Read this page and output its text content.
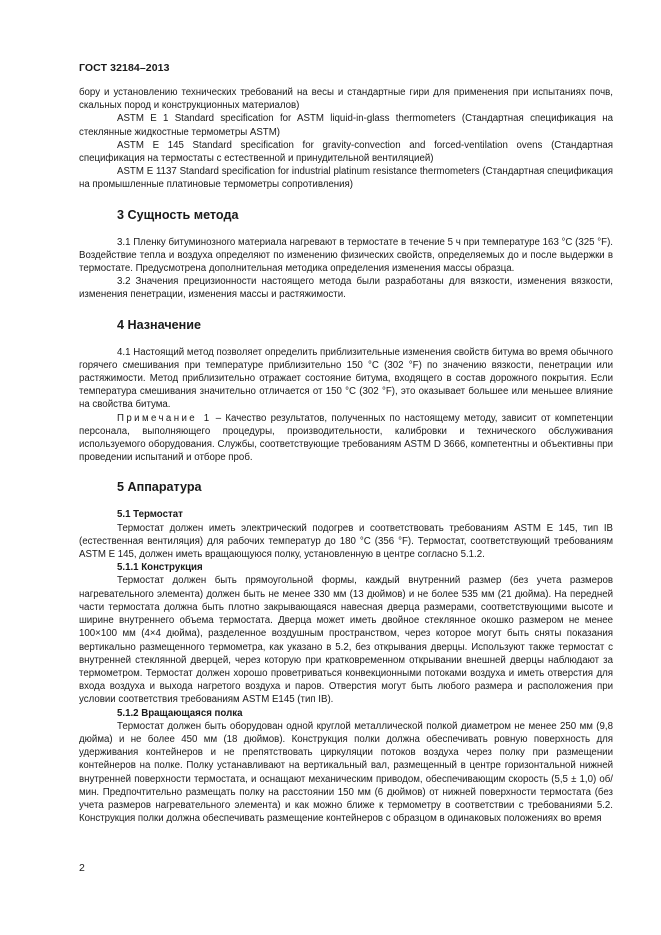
ГОСТ 32184–2013

бору и установлению технических требований на весы и стандартные гири для применения при испытаниях почв, скальных пород и конструкционных материалов)

ASTM E 1 Standard specification for ASTM liquid-in-glass thermometers (Стандартная спецификация на стеклянные жидкостные термометры ASTM)

ASTM E 145 Standard specification for gravity-convection and forced-ventilation ovens (Стандартная спецификация на термостаты с естественной и принудительной вентиляцией)

ASTM E 1137 Standard specification for industrial platinum resistance thermometers (Стандартная спецификация на промышленные платиновые термометры сопротивления)

3 Сущность метода

3.1 Пленку битуминозного материала нагревают в термостате в течение 5 ч при температуре 163 °C (325 °F). Воздействие тепла и воздуха определяют по изменению физических свойств, определяемых до и после выдержки в термостате. Предусмотрена дополнительная методика определения изменения массы образца.

3.2 Значения прецизионности настоящего метода были разработаны для вязкости, изменения вязкости, изменения пенетрации, изменения массы и растяжимости.

4 Назначение

4.1 Настоящий метод позволяет определить приблизительные изменения свойств битума во время обычного горячего смешивания при температуре приблизительно 150 °C (302 °F) по значению вязкости, пенетрации или растяжимости. Метод приблизительно отражает состояние битума, входящего в состав дорожного покрытия. Если температура смешивания значительно отличается от 150 °C (302 °F), это оказывает большее или меньшее влияние на свойства битума.

Примечание 1 – Качество результатов, полученных по настоящему методу, зависит от компетенции персонала, выполняющего процедуры, производительности, калибровки и технического обслуживания используемого оборудования. Службы, соответствующие требованиям ASTM D 3666, компетентны и объективны при проведении испытаний и отборе проб.

5 Аппаратура
5.1 Термостат

Термостат должен иметь электрический подогрев и соответствовать требованиям ASTM E 145, тип IB (естественная вентиляция) для рабочих температур до 180 °C (356 °F). Термостат, соответствующий требованиям ASTM E 145, должен иметь вращающуюся полку, установленную в центре согласно 5.1.2.

5.1.1 Конструкция

Термостат должен быть прямоугольной формы, каждый внутренний размер (без учета размеров нагревательного элемента) должен быть не менее 330 мм (13 дюймов) и не более 535 мм (21 дюйма). На передней части термостата должна быть плотно закрывающаяся навесная дверца размерами, соответствующими высоте и ширине внутреннего объема термостата. Дверца может иметь двойное стеклянное окошко размером не менее 100×100 мм (4×4 дюйма), разделенное воздушным пространством, через которое могут быть сняты показания вертикально размещенного термометра, как указано в 5.2, без открывания дверцы. Используют также термостат с внутренней стеклянной дверцей, через которую при кратковременном открывании внешней дверцы наблюдают за термометром. Термостат должен хорошо проветриваться конвекционными потоками воздуха и иметь отверстия для входа воздуха и выхода нагретого воздуха и паров. Отверстия могут быть любого размера и расположения при условии соответствия требованиям ASTM E145 (тип IB).

5.1.2 Вращающаяся полка

Термостат должен быть оборудован одной круглой металлической полкой диаметром не менее 250 мм (9,8 дюйма) и не более 450 мм (18 дюймов). Конструкция полки должна обеспечивать ровную поверхность для удерживания контейнеров и не препятствовать циркуляции потоков воздуха через полку при размещении контейнеров на полке. Полку устанавливают на вертикальный вал, размещенный в центре горизонтальной нижней внутренней поверхности термостата, и оснащают механическим приводом, обеспечивающим скорость (5,5 ± 1,0) об/мин. Предпочтительно размещать полку на расстоянии 150 мм (6 дюймов) от нижней поверхности термостата (без учета размеров нагревательного элемента) и как можно ближе к термометру в соответствии с требованиями 5.2. Конструкция полки должна обеспечивать размещение контейнеров с образцом в одинаковых положениях во время

2
